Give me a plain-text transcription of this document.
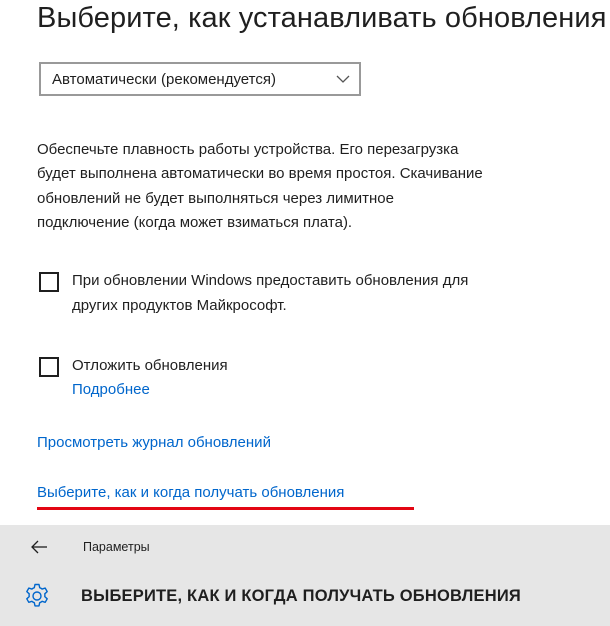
Выберите, как устанавливать обновления
Автоматически (рекомендуется)
Обеспечьте плавность работы устройства. Его перезагрузка
будет выполнена автоматически во время простоя. Скачивание
обновлений не будет выполняться через лимитное
подключение (когда может взиматься плата).
При обновлении Windows предоставить обновления для
других продуктов Майкрософт.
Отложить обновления
Подробнее
Просмотреть журнал обновлений
Выберите, как и когда получать обновления
Параметры
ВЫБЕРИТЕ, КАК И КОГДА ПОЛУЧАТЬ ОБНОВЛЕНИЯ
